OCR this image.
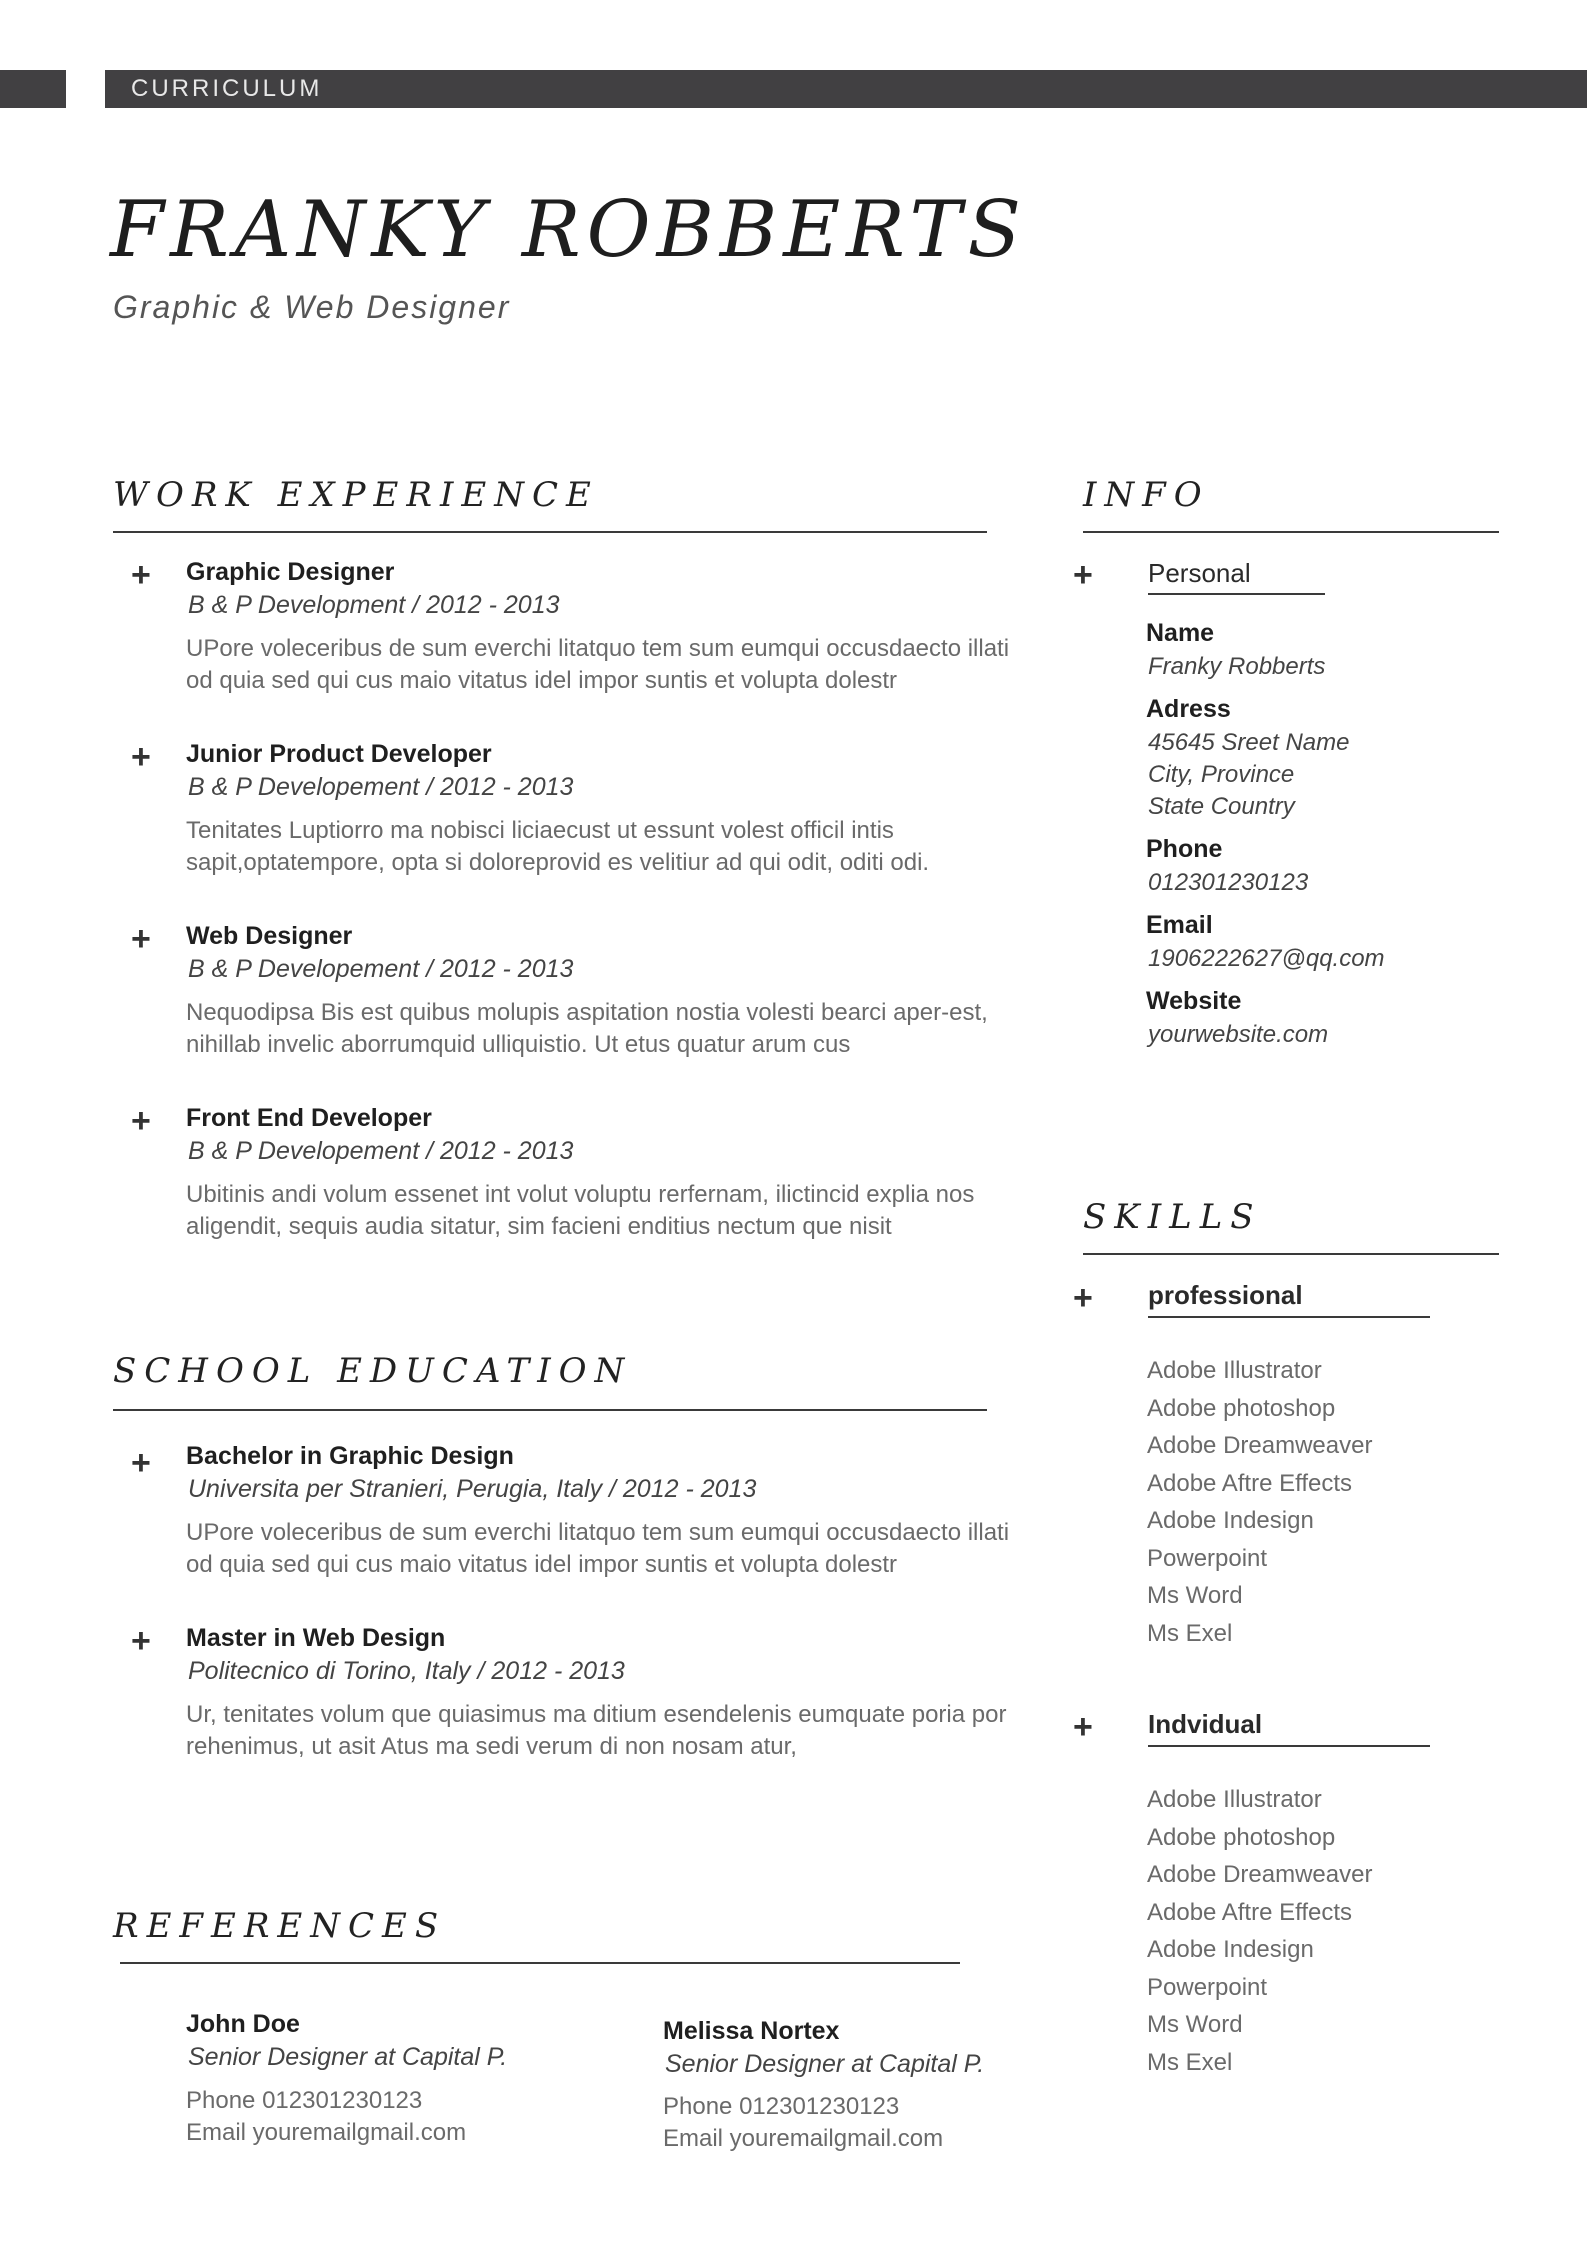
CURRICULUM
FRANKY ROBBERTS
Graphic & Web Designer
WORK EXPERIENCE
+ Graphic Designer
B & P Development / 2012 - 2013
UPore voleceribus de sum everchi litatquo tem sum eumqui occusdaecto illati od quia sed qui cus maio vitatus idel impor suntis et volupta dolestr
+ Junior Product Developer
B & P Developement / 2012 - 2013
Tenitates Luptiorro ma nobisci liciaecust ut essunt volest officil intis sapit,optatempore, opta si doloreprovid es velitiur ad qui odit, oditi odi.
+ Web Designer
B & P Developement / 2012 - 2013
Nequodipsa Bis est quibus molupis aspitation nostia volesti bearci aper-est, nihillab invelic aborrumquid ulliquistio. Ut etus quatur arum cus
+ Front End Developer
B & P Developement / 2012 - 2013
Ubitinis andi volum essenet int volut voluptu rerfernam, ilictincid explia nos aligendit, sequis audia sitatur, sim facieni enditius nectum que nisit
SCHOOL EDUCATION
+ Bachelor in Graphic Design
Universita per Stranieri, Perugia, Italy / 2012 - 2013
UPore voleceribus de sum everchi litatquo tem sum eumqui occusdaecto illati od quia sed qui cus maio vitatus idel impor suntis et volupta dolestr
+ Master in Web Design
Politecnico di Torino, Italy / 2012 - 2013
Ur, tenitates volum que quiasimus ma ditium esendelenis eumquate poria por rehenimus, ut asit Atus ma sedi verum di non nosam atur,
REFERENCES
John Doe
Senior Designer at Capital P.
Phone 012301230123
Email youremailgmail.com
Melissa Nortex
Senior Designer at Capital P.
Phone 012301230123
Email youremailgmail.com
INFO
+ Personal
Name
Franky Robberts
Adress
45645 Sreet Name
City, Province
State Country
Phone
012301230123
Email
1906222627@qq.com
Website
yourwebsite.com
SKILLS
+ professional
Adobe Illustrator
Adobe photoshop
Adobe Dreamweaver
Adobe Aftre Effects
Adobe Indesign
Powerpoint
Ms Word
Ms Exel
+ Indvidual
Adobe Illustrator
Adobe photoshop
Adobe Dreamweaver
Adobe Aftre Effects
Adobe Indesign
Powerpoint
Ms Word
Ms Exel
